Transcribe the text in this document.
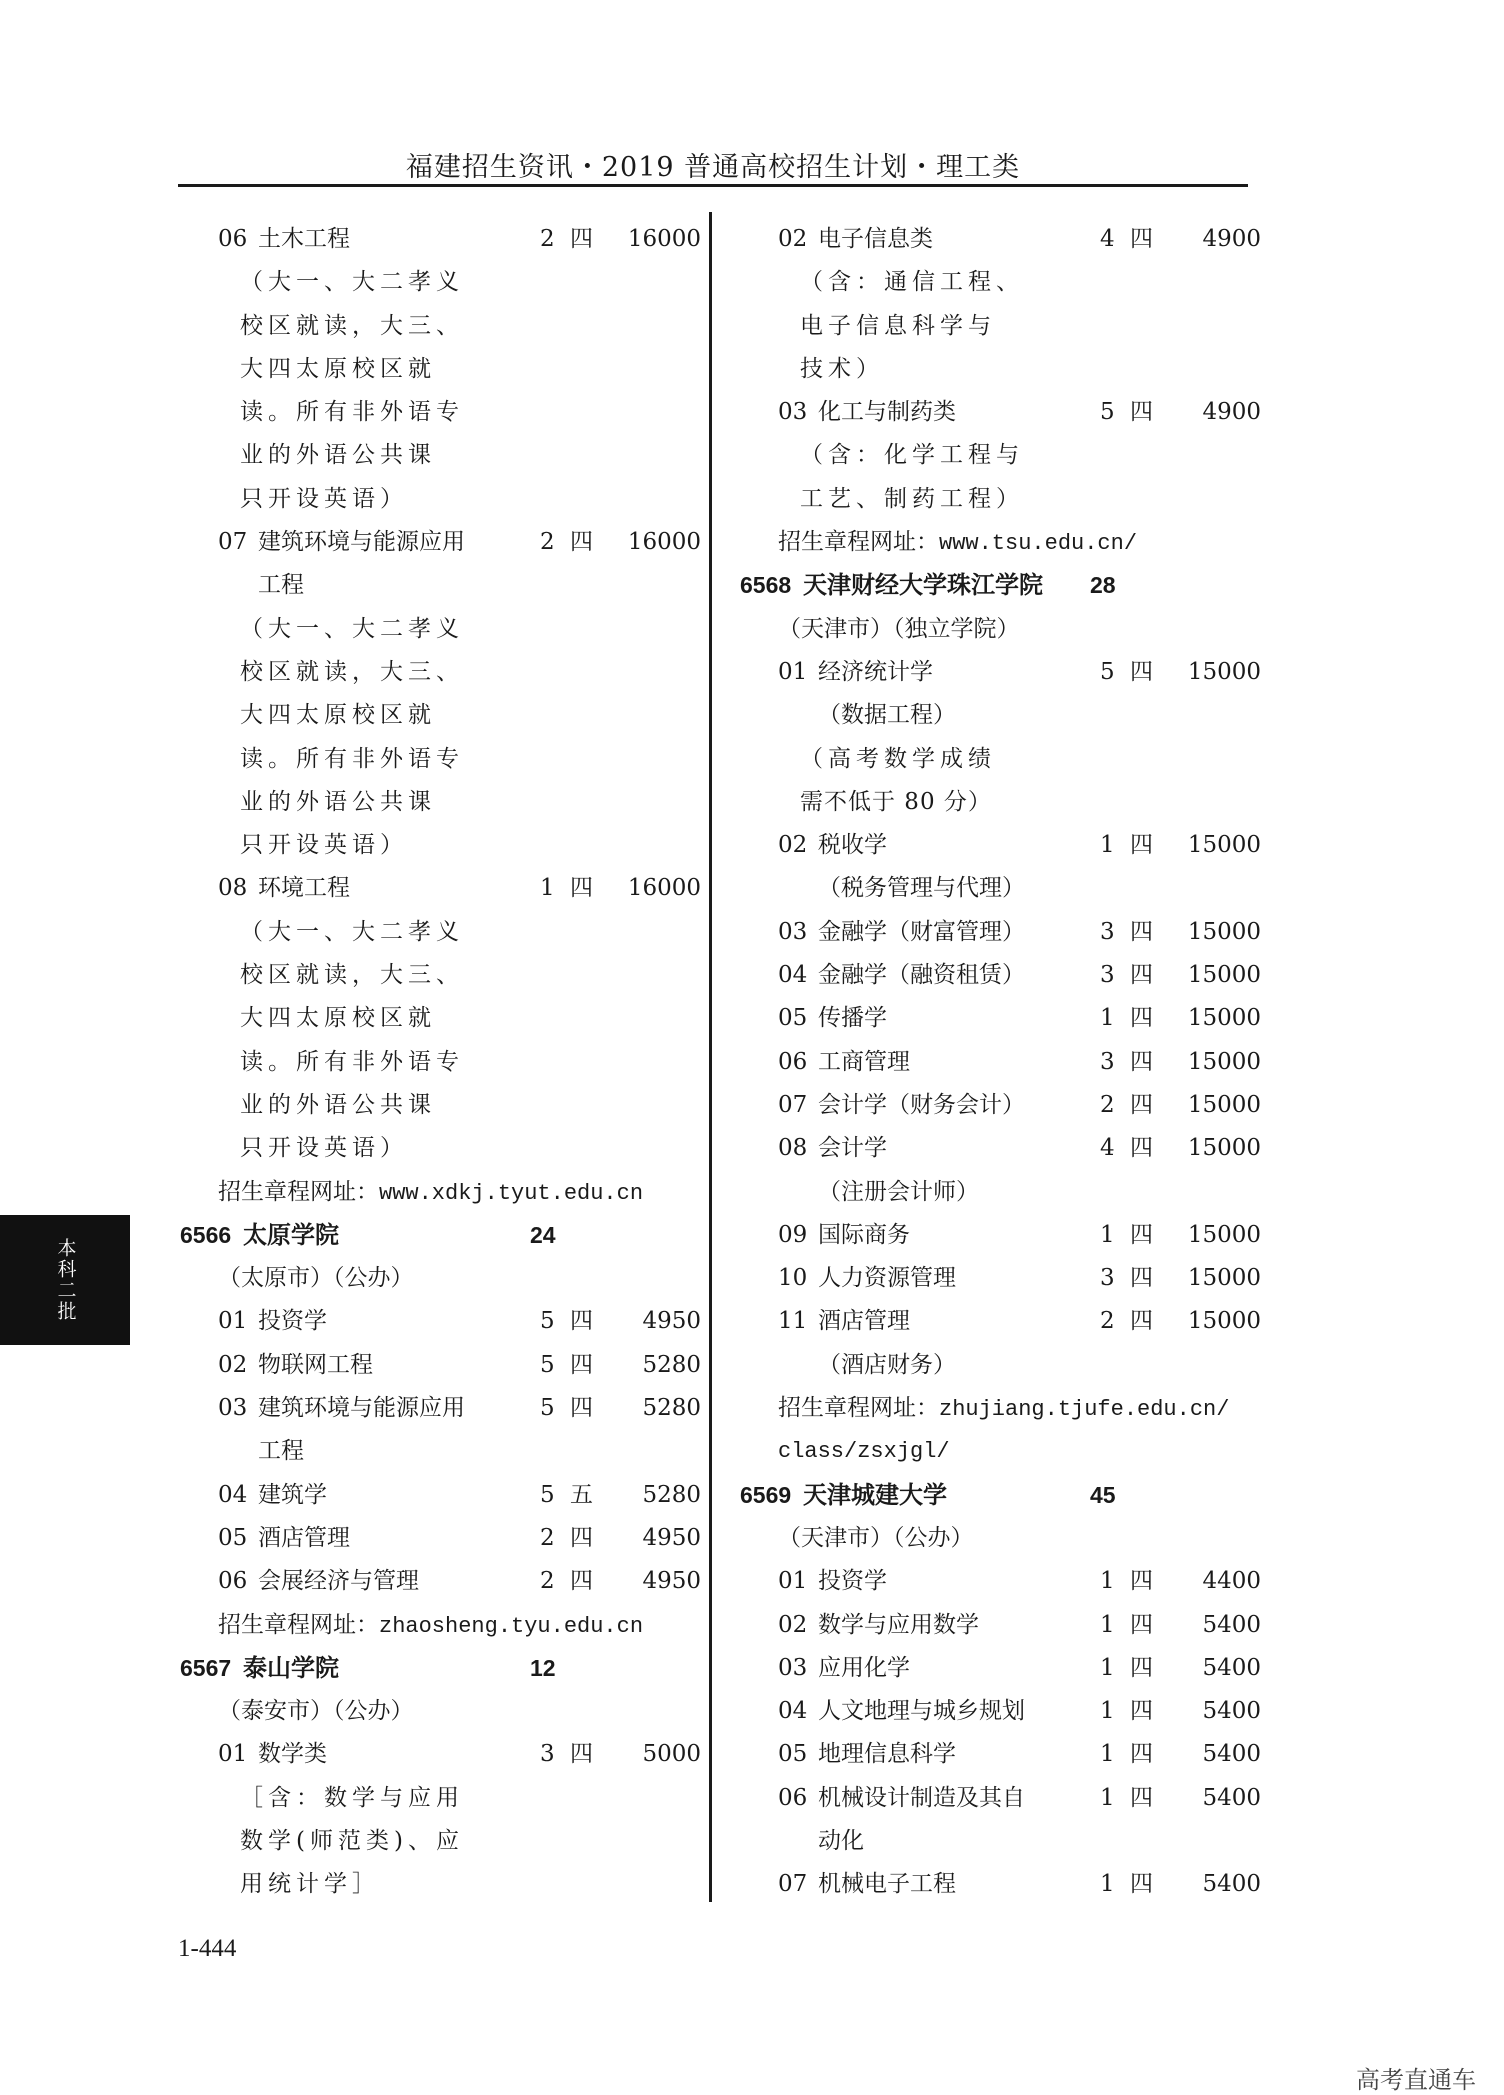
福建招生资讯・2019 普通高校招生计划・理工类
06 土木工程	2 四	16000
（大一、大二孝义
校区就读，大三、
大四太原校区就
读。所有非外语专
业的外语公共课
只开设英语）
07 建筑环境与能源应用	2 四	16000
工程
（大一、大二孝义
校区就读，大三、
大四太原校区就
读。所有非外语专
业的外语公共课
只开设英语）
08 环境工程	1 四	16000
（大一、大二孝义
校区就读，大三、
大四太原校区就
读。所有非外语专
业的外语公共课
只开设英语）
招生章程网址：www.xdkj.tyut.edu.cn
6566 太原学院	24
（太原市）（公办）
01 投资学	5 四	4950
02 物联网工程	5 四	5280
03 建筑环境与能源应用	5 四	5280
工程
04 建筑学	5 五	5280
05 酒店管理	2 四	4950
06 会展经济与管理	2 四	4950
招生章程网址：zhaosheng.tyu.edu.cn
6567 泰山学院	12
（泰安市）（公办）
01 数学类	3 四	5000
［含：数学与应用
数学(师范类)、应
用统计学］
02 电子信息类	4 四	4900
（含：通信工程、
电子信息科学与
技术）
03 化工与制药类	5 四	4900
（含：化学工程与
工艺、制药工程）
招生章程网址：www.tsu.edu.cn/
6568 天津财经大学珠江学院 28
（天津市）（独立学院）
01 经济统计学	5 四	15000
（数据工程）
（高考数学成绩
需不低于 80 分）
02 税收学	1 四	15000
（税务管理与代理）
03 金融学（财富管理）	3 四	15000
04 金融学（融资租赁）	3 四	15000
05 传播学	1 四	15000
06 工商管理	3 四	15000
07 会计学（财务会计）	2 四	15000
08 会计学	4 四	15000
（注册会计师）
09 国际商务	1 四	15000
10 人力资源管理	3 四	15000
11 酒店管理	2 四	15000
（酒店财务）
招生章程网址：zhujiang.tjufe.edu.cn/
class/zsxjgl/
6569 天津城建大学	45
（天津市）（公办）
01 投资学	1 四	4400
02 数学与应用数学	1 四	5400
03 应用化学	1 四	5400
04 人文地理与城乡规划	1 四	5400
05 地理信息科学	1 四	5400
06 机械设计制造及其自	1 四	5400
动化
07 机械电子工程	1 四	5400
本科二批
1-444
高考直通车
